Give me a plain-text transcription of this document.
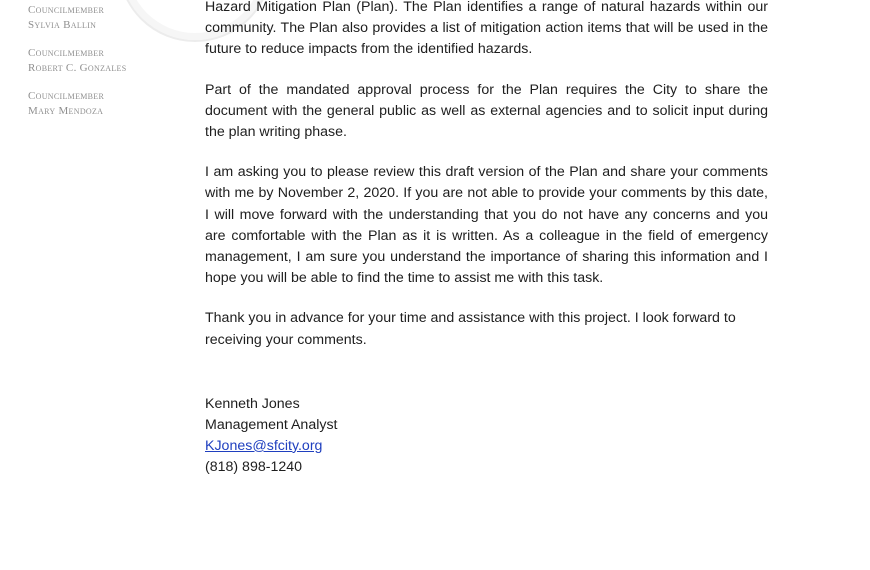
Councilmember
Sylvia Ballin
Councilmember
Robert C. Gonzales
Councilmember
Mary Mendoza

Hazard Mitigation Plan (Plan). The Plan identifies a range of natural hazards within our community. The Plan also provides a list of mitigation action items that will be used in the future to reduce impacts from the identified hazards.

Part of the mandated approval process for the Plan requires the City to share the document with the general public as well as external agencies and to solicit input during the plan writing phase.

I am asking you to please review this draft version of the Plan and share your comments with me by November 2, 2020. If you are not able to provide your comments by this date, I will move forward with the understanding that you do not have any concerns and you are comfortable with the Plan as it is written. As a colleague in the field of emergency management, I am sure you understand the importance of sharing this information and I hope you will be able to find the time to assist me with this task.

Thank you in advance for your time and assistance with this project. I look forward to receiving your comments.

Kenneth Jones
Management Analyst
KJones@sfcity.org
(818) 898-1240
